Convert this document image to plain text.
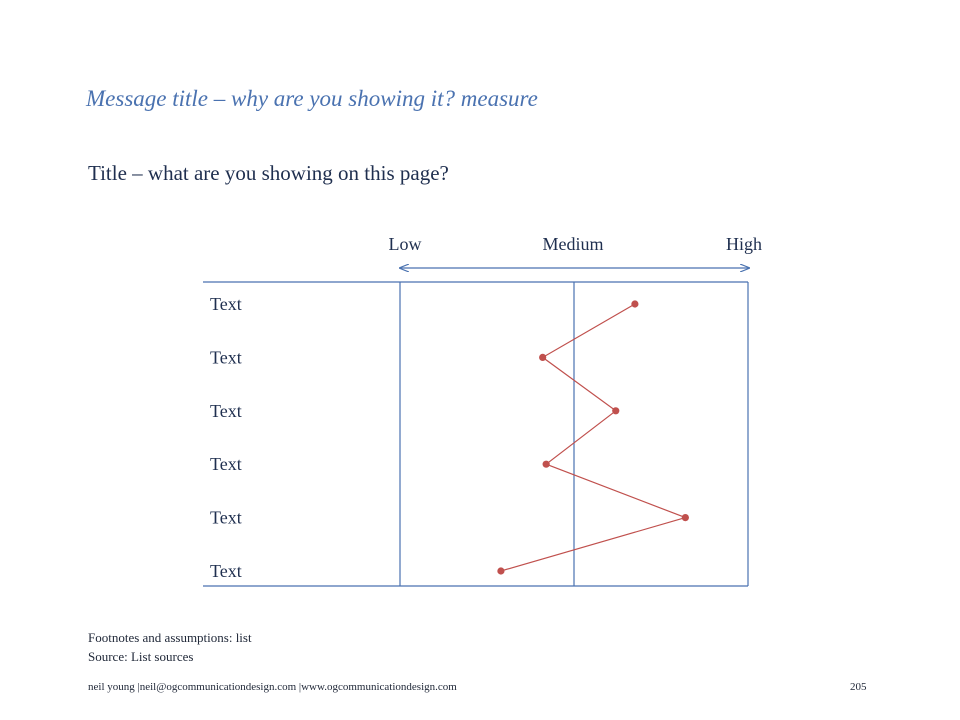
Message title – why are you showing it? measure
Title – what are you showing on this page?
Low	Medium	High
Text
Text
Text
Text
Text
Text
Footnotes and assumptions: list
Source: List sources
neil young |neil@ogcommunicationdesign.com |www.ogcommunicationdesign.com	205
